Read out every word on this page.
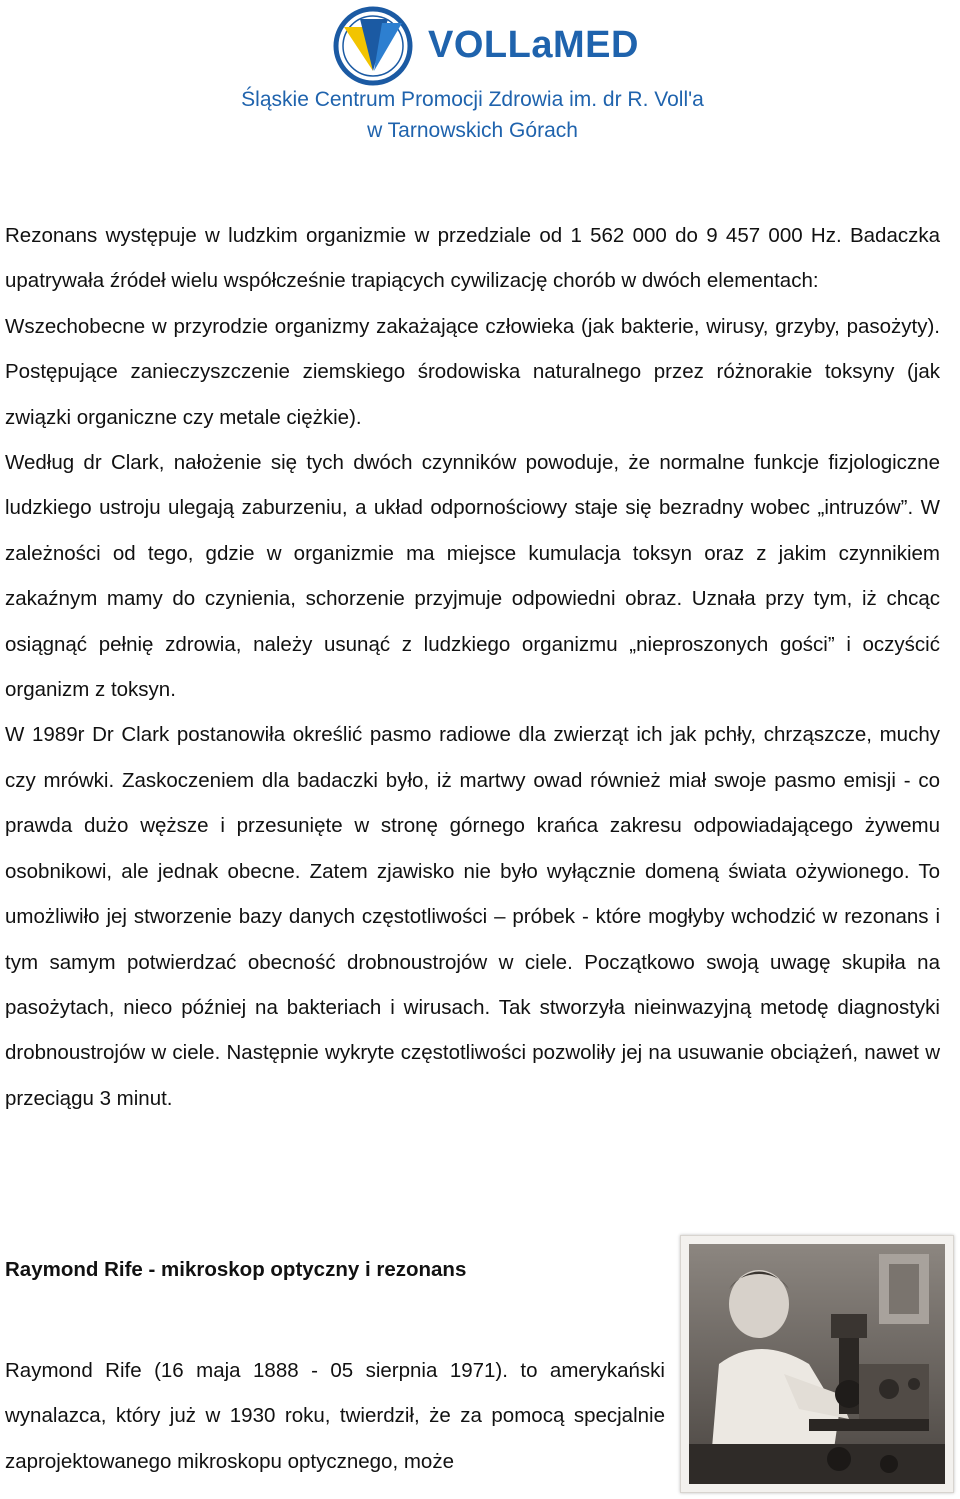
VOLLaMED
Śląskie Centrum Promocji Zdrowia im. dr R. Voll'a
w Tarnowskich Górach

Rezonans występuje w ludzkim organizmie w przedziale od 1 562 000 do 9 457 000 Hz. Badaczka upatrywała źródeł wielu współcześnie trapiących cywilizację chorób w dwóch elementach:

Wszechobecne w przyrodzie organizmy zakażające człowieka (jak bakterie, wirusy, grzyby, pasożyty). Postępujące zanieczyszczenie ziemskiego środowiska naturalnego przez różnorakie toksyny (jak związki organiczne czy metale ciężkie).

Według dr Clark, nałożenie się tych dwóch czynników powoduje, że normalne funkcje fizjologiczne ludzkiego ustroju ulegają zaburzeniu, a układ odpornościowy staje się bezradny wobec „intruzów”. W zależności od tego, gdzie w organizmie ma miejsce kumulacja toksyn oraz z jakim czynnikiem zakaźnym mamy do czynienia, schorzenie przyjmuje odpowiedni obraz. Uznała przy tym, iż chcąc osiągnąć pełnię zdrowia, należy usunąć z ludzkiego organizmu „nieproszonych gości” i oczyścić organizm z toksyn.

W 1989r Dr Clark postanowiła określić pasmo radiowe dla zwierząt ich jak pchły, chrząszcze, muchy czy mrówki. Zaskoczeniem dla badaczki było, iż martwy owad również miał swoje pasmo emisji - co prawda dużo węższe i przesunięte w stronę górnego krańca zakresu odpowiadającego żywemu osobnikowi, ale jednak obecne. Zatem zjawisko nie było wyłącznie domeną świata ożywionego. To umożliwiło jej stworzenie bazy danych częstotliwości – próbek - które mogłyby wchodzić w rezonans i tym samym potwierdzać obecność drobnoustrojów w ciele. Początkowo swoją uwagę skupiła na pasożytach, nieco później na bakteriach i wirusach. Tak stworzyła nieinwazyjną metodę diagnostyki drobnoustrojów w ciele. Następnie wykryte częstotliwości pozwoliły jej na usuwanie obciążeń, nawet w przeciągu 3 minut.

Raymond Rife - mikroskop optyczny i rezonans
Raymond Rife (16 maja 1888 - 05 sierpnia 1971). to amerykański wynalazca, który już w 1930 roku, twierdził, że za pomocą specjalnie zaprojektowanego mikroskopu optycznego, może
